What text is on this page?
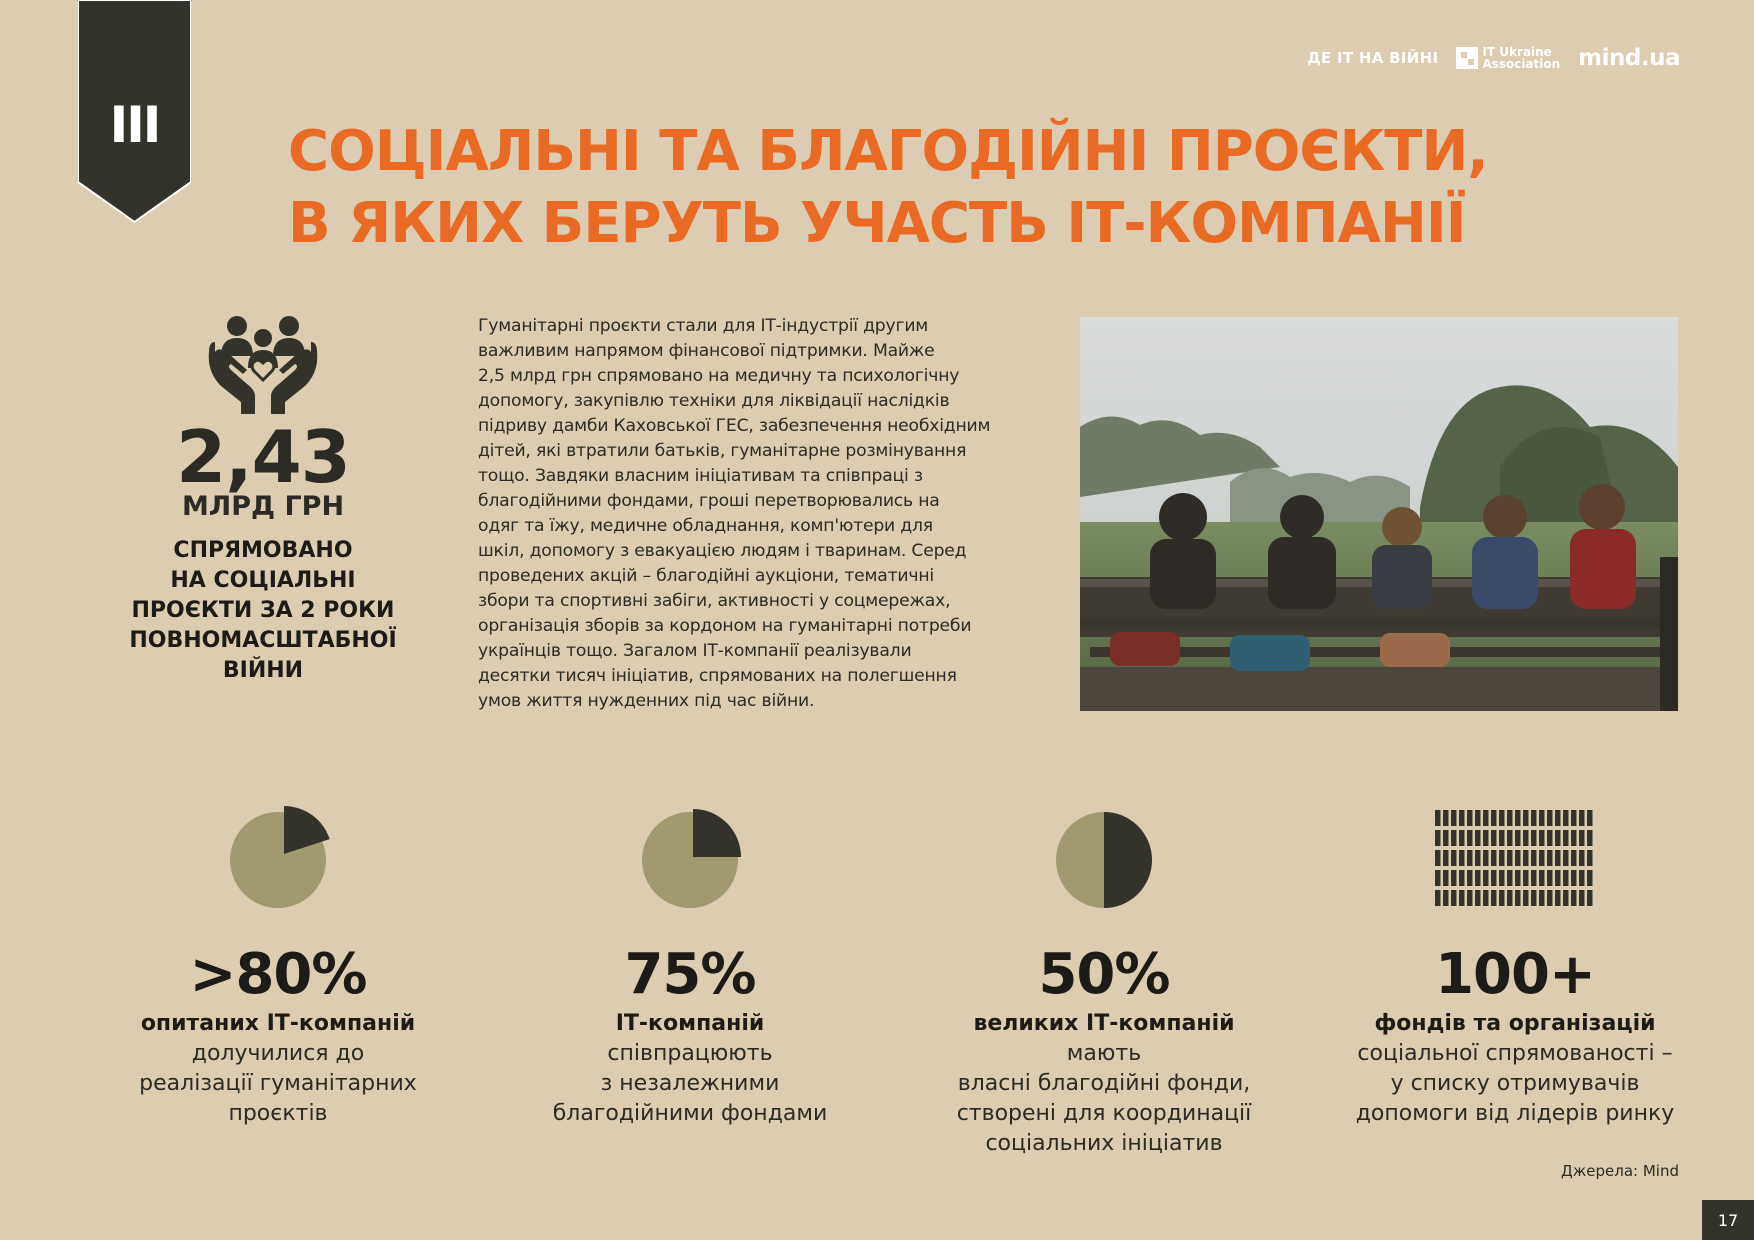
III
ДЕ IT НА ВІЙНІ	IT Ukraine
Association mind.ua
СОЦІАЛЬНІ ТА БЛАГОДІЙНІ ПРОЄКТИ,
В ЯКИХ БЕРУТЬ УЧАСТЬ ІТ-КОМПАНІЇ
2,43
МЛРД ГРН
СПРЯМОВАНО
НА СОЦІАЛЬНІ
ПРОЄКТИ ЗА 2 РОКИ
ПОВНОМАСШТАБНОЇ
ВІЙНИ

Гуманітарні проєкти стали для ІТ-індустрії другим
важливим напрямом фінансової підтримки. Майже
2,5 млрд грн спрямовано на медичну та психологічну
допомогу, закупівлю техніки для ліквідації наслідків
підриву дамби Каховської ГЕС, забезпечення необхідним
дітей, які втратили батьків, гуманітарне розмінування
тощо. Завдяки власним ініціативам та співпраці з
благодійними фондами, гроші перетворювались на
одяг та їжу, медичне обладнання, комп'ютери для
шкіл, допомогу з евакуацією людям і тваринам. Серед
проведених акцій – благодійні аукціони, тематичні
збори та спортивні забіги, активності у соцмережах,
організація зборів за кордоном на гуманітарні потреби
українців тощо. Загалом ІТ-компанії реалізували
десятки тисяч ініціатив, спрямованих на полегшення
умов життя нужденних під час війни.

>80%
опитаних ІТ-компаній
долучилися до
реалізації гуманітарних
проєктів
75%
ІТ-компаній
співпрацюють
з незалежними
благодійними фондами
50%
великих ІТ-компаній мають
власні благодійні фонди,
створені для координації
соціальних ініціатив
100+
фондів та організацій
соціальної спрямованості –
у списку отримувачів
допомоги від лідерів ринку
Джерела: Mind
17
